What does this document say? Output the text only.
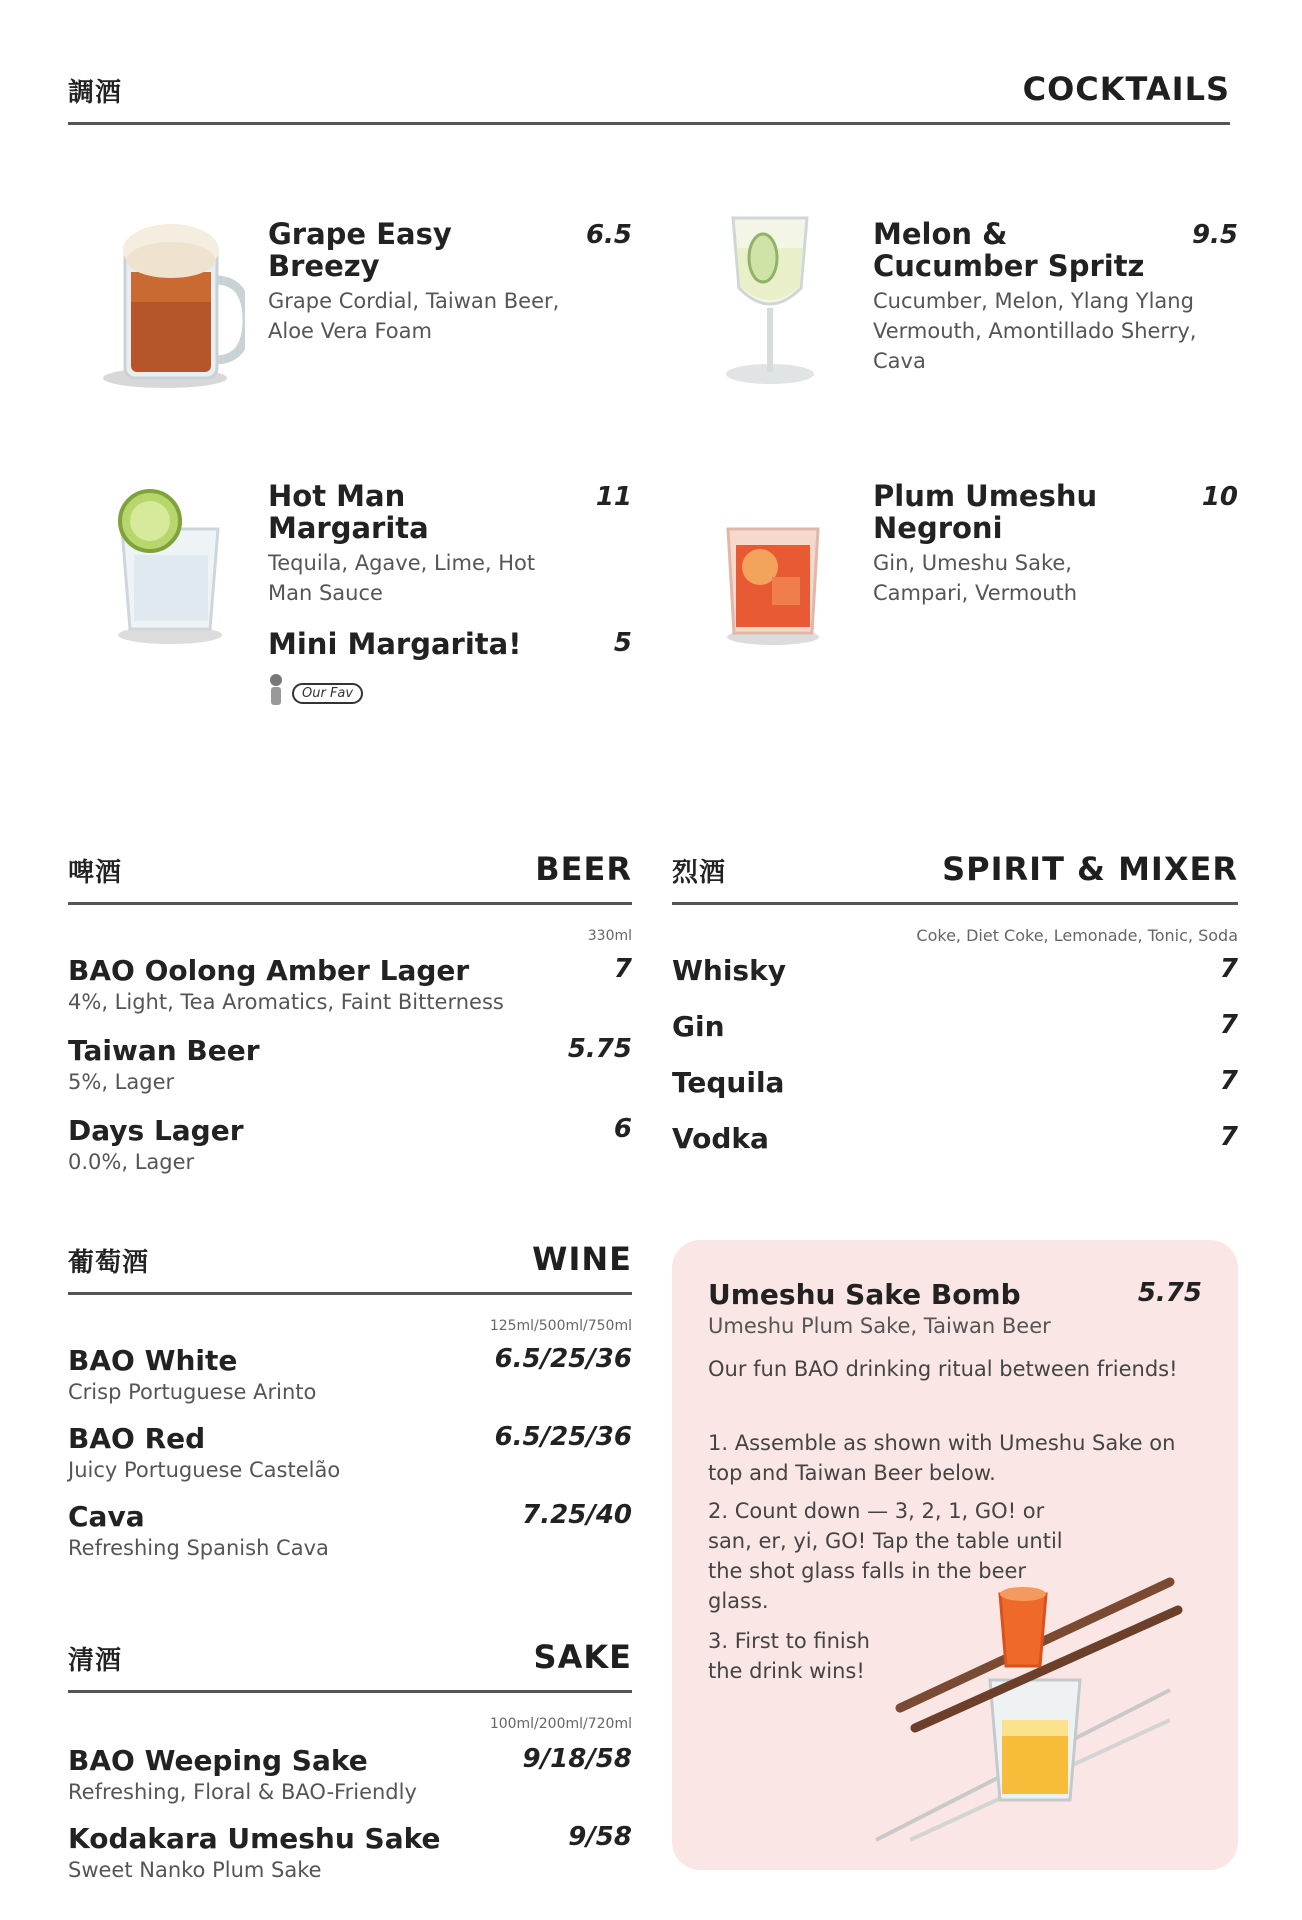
調酒	COCKTAILS
Grape Easy Breezy
6.5
Grape Cordial, Taiwan Beer, Aloe Vera Foam
Melon & Cucumber Spritz
9.5
Cucumber, Melon, Ylang Ylang Vermouth, Amontillado Sherry, Cava
Hot Man Margarita
11
Tequila, Agave, Lime, Hot Man Sauce
Mini Margarita!	5
Our Fav
Plum Umeshu Negroni
10
Gin, Umeshu Sake, Campari, Vermouth
啤酒	BEER
330ml
BAO Oolong Amber Lager	7
4%, Light, Tea Aromatics, Faint Bitterness
Taiwan Beer	5.75
5%, Lager
Days Lager	6
0.0%, Lager
烈酒	SPIRIT & MIXER
Coke, Diet Coke, Lemonade, Tonic, Soda
Whisky	7
Gin	7
Tequila	7
Vodka	7
葡萄酒	WINE
125ml/500ml/750ml
BAO White	6.5/25/36
Crisp Portuguese Arinto
BAO Red	6.5/25/36
Juicy Portuguese Castelão
Cava	7.25/40
Refreshing Spanish Cava
清酒	SAKE
100ml/200ml/720ml
BAO Weeping Sake	9/18/58
Refreshing, Floral & BAO-Friendly
Kodakara Umeshu Sake	9/58
Sweet Nanko Plum Sake
Umeshu Sake Bomb	5.75
Umeshu Plum Sake, Taiwan Beer
Our fun BAO drinking ritual between friends!
1. Assemble as shown with Umeshu Sake on top and Taiwan Beer below.
2. Count down — 3, 2, 1, GO! or san, er, yi, GO! Tap the table until the shot glass falls in the beer glass.
3. First to finish the drink wins!
